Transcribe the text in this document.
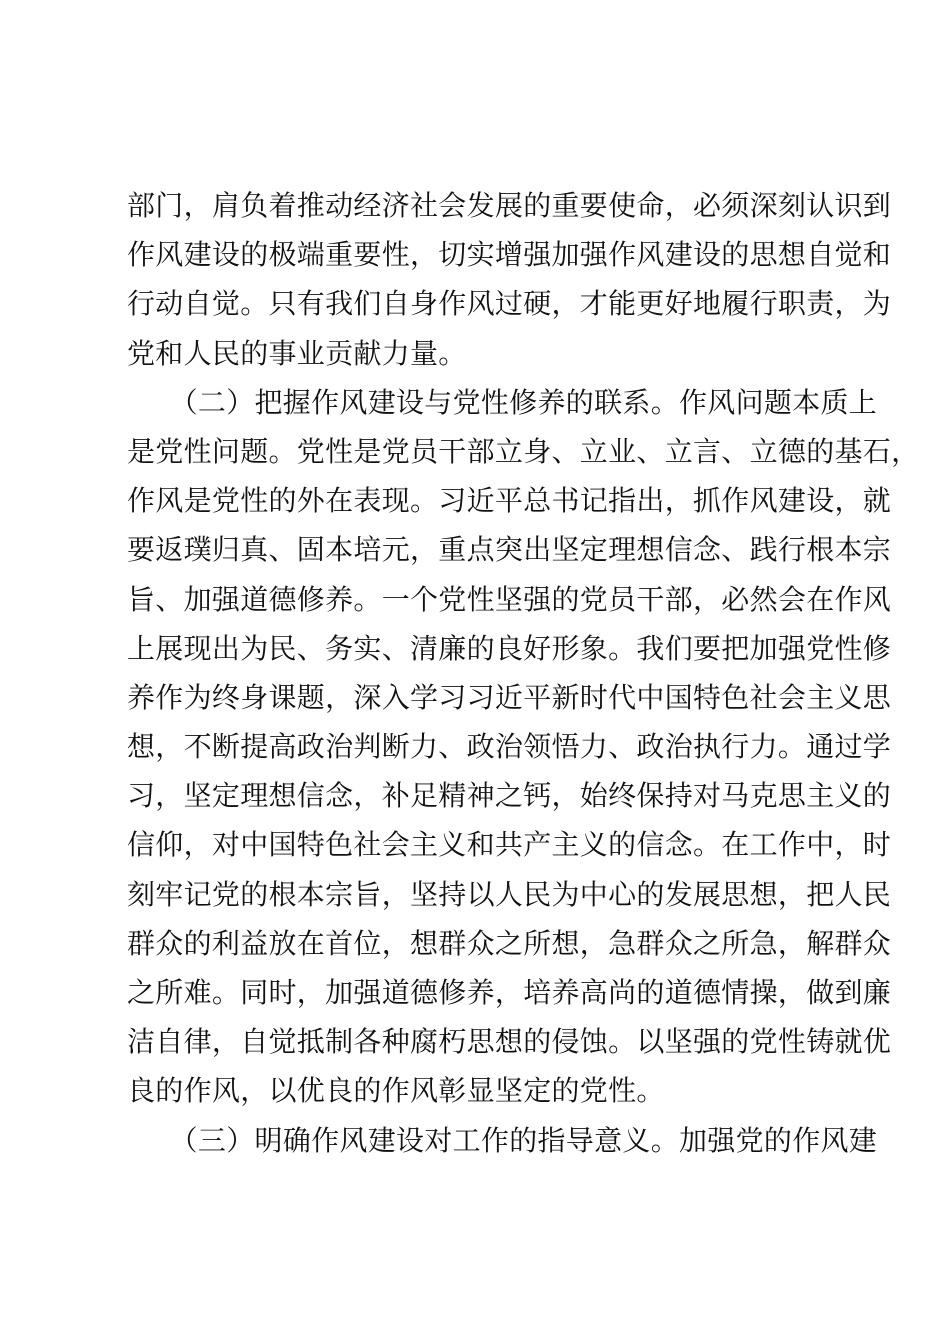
部门，肩负着推动经济社会发展的重要使命，必须深刻认识到
作风建设的极端重要性，切实增强加强作风建设的思想自觉和
行动自觉。只有我们自身作风过硬，才能更好地履行职责，为
党和人民的事业贡献力量。
　　（二）把握作风建设与党性修养的联系。作风问题本质上
是党性问题。党性是党员干部立身、立业、立言、立德的基石，
作风是党性的外在表现。习近平总书记指出，抓作风建设，就
要返璞归真、固本培元，重点突出坚定理想信念、践行根本宗
旨、加强道德修养。一个党性坚强的党员干部，必然会在作风
上展现出为民、务实、清廉的良好形象。我们要把加强党性修
养作为终身课题，深入学习习近平新时代中国特色社会主义思
想，不断提高政治判断力、政治领悟力、政治执行力。通过学
习，坚定理想信念，补足精神之钙，始终保持对马克思主义的
信仰，对中国特色社会主义和共产主义的信念。在工作中，时
刻牢记党的根本宗旨，坚持以人民为中心的发展思想，把人民
群众的利益放在首位，想群众之所想，急群众之所急，解群众
之所难。同时，加强道德修养，培养高尚的道德情操，做到廉
洁自律，自觉抵制各种腐朽思想的侵蚀。以坚强的党性铸就优
良的作风，以优良的作风彰显坚定的党性。
　　（三）明确作风建设对工作的指导意义。加强党的作风建
